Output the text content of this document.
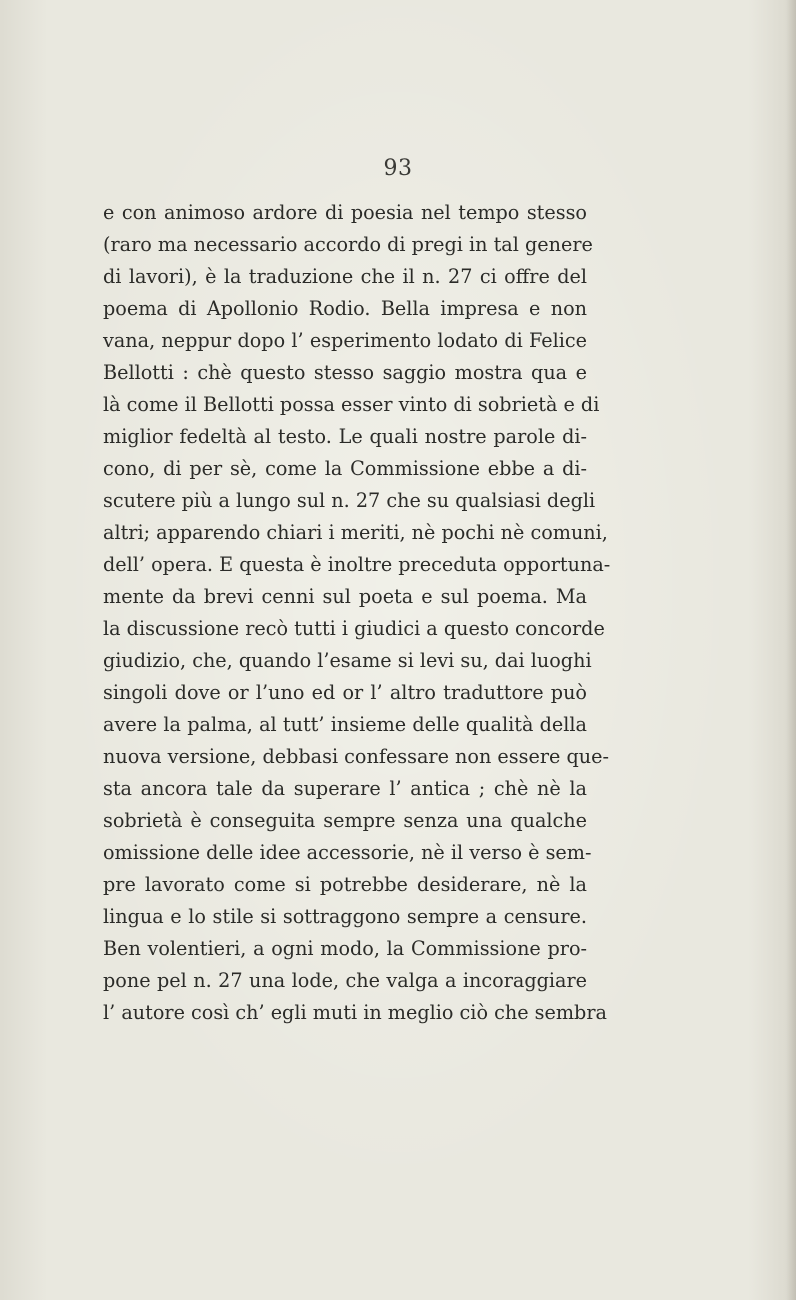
93
e con animoso ardore di poesia nel tempo stesso
(raro ma necessario accordo di pregi in tal genere
di lavori), è la traduzione che il n. 27 ci offre del
poema di Apollonio Rodio. Bella impresa e non
vana, neppur dopo l’ esperimento lodato di Felice
Bellotti : chè questo stesso saggio mostra qua e
là come il Bellotti possa esser vinto di sobrietà e di
miglior fedeltà al testo. Le quali nostre parole di-
cono, di per sè, come la Commissione ebbe a di-
scutere più a lungo sul n. 27 che su qualsiasi degli
altri; apparendo chiari i meriti, nè pochi nè comuni,
dell’ opera. E questa è inoltre preceduta opportuna-
mente da brevi cenni sul poeta e sul poema. Ma
la discussione recò tutti i giudici a questo concorde
giudizio, che, quando l’esame si levi su, dai luoghi
singoli dove or l’uno ed or l’ altro traduttore può
avere la palma, al tutt’ insieme delle qualità della
nuova versione, debbasi confessare non essere que-
sta ancora tale da superare l’ antica ; chè nè la
sobrietà è conseguita sempre senza una qualche
omissione delle idee accessorie, nè il verso è sem-
pre lavorato come si potrebbe desiderare, nè la
lingua e lo stile si sottraggono sempre a censure.
Ben volentieri, a ogni modo, la Commissione pro-
pone pel n. 27 una lode, che valga a incoraggiare
l’ autore così ch’ egli muti in meglio ciò che sembra
